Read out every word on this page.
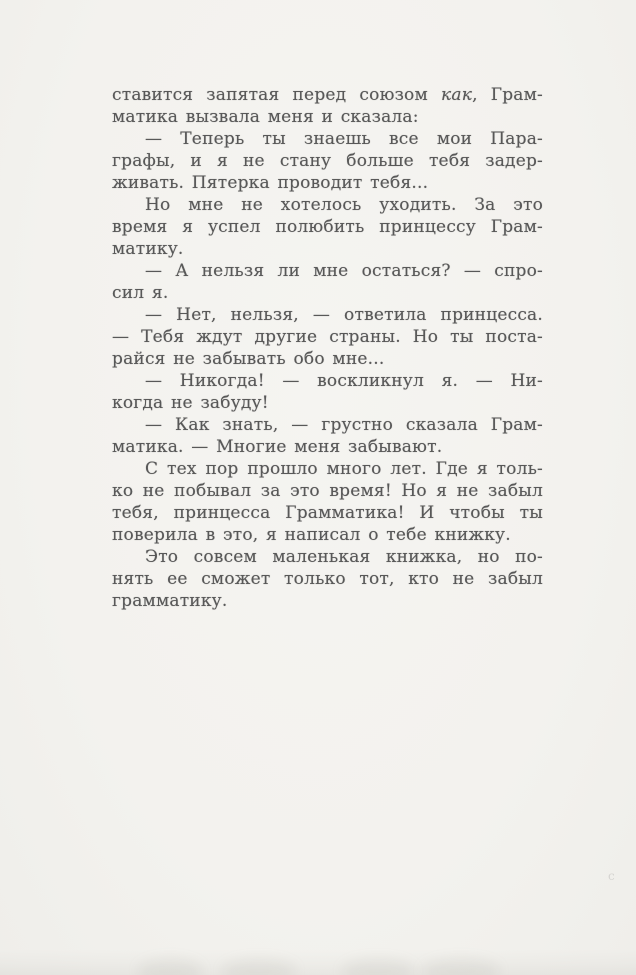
ставится запятая перед союзом как, Грам-
матика вызвала меня и сказала:
— Теперь ты знаешь все мои Пара-
графы, и я не стану больше тебя задер-
живать. Пятерка проводит тебя...
Но мне не хотелось уходить. За это
время я успел полюбить принцессу Грам-
матику.
— А нельзя ли мне остаться? — спро-
сил я.
— Нет, нельзя, — ответила принцесса.
— Тебя ждут другие страны. Но ты поста-
райся не забывать обо мне...
— Никогда! — воскликнул я. — Ни-
когда не забуду!
— Как знать, — грустно сказала Грам-
матика. — Многие меня забывают.
С тех пор прошло много лет. Где я толь-
ко не побывал за это время! Но я не забыл
тебя, принцесса Грамматика! И чтобы ты
поверила в это, я написал о тебе книжку.
Это совсем маленькая книжка, но по-
нять ее сможет только тот, кто не забыл
грамматику.
c
